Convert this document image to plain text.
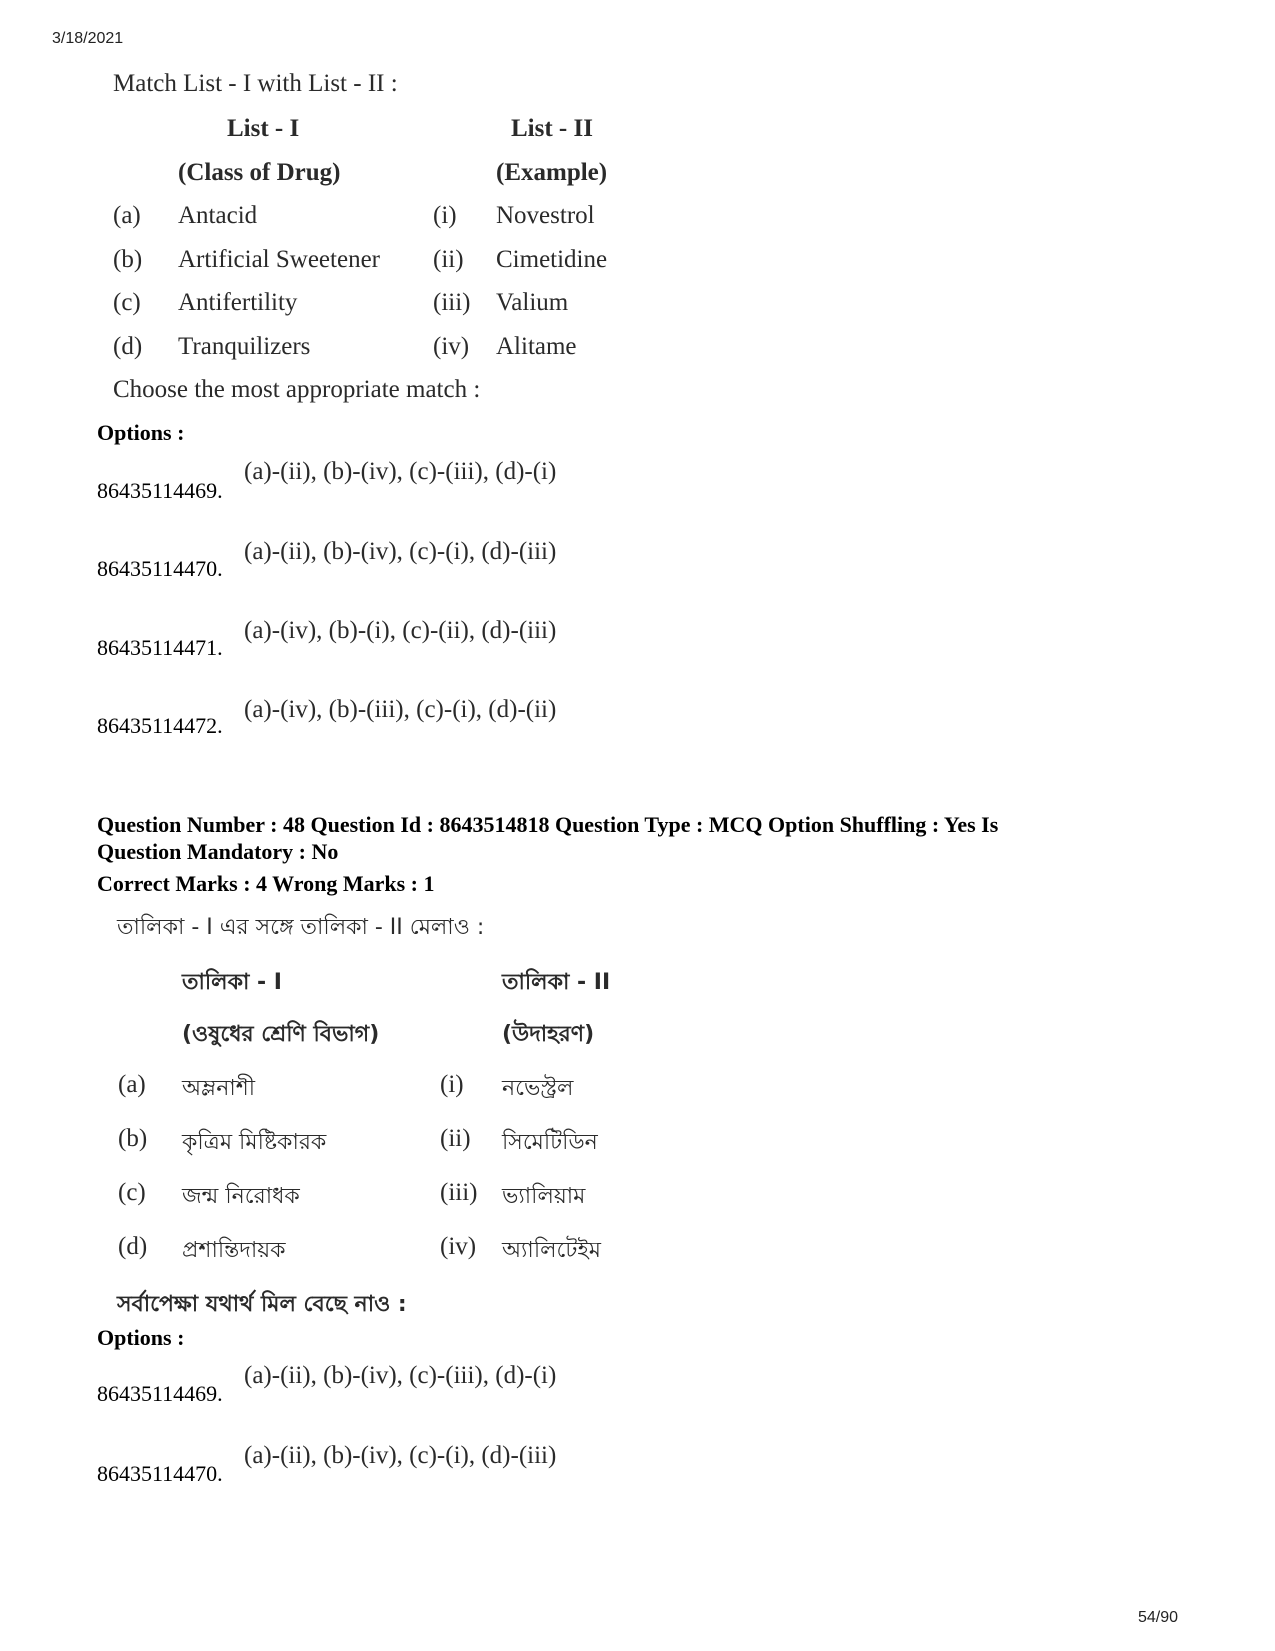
3/18/2021
54/90
Match List - I with List - II :
List - I	List - II
(Class of Drug)	(Example)
(a) Antacid	(i) Novestrol
(b) Artificial Sweetener (ii) Cimetidine
(c) Antifertility	(iii) Valium
(d) Tranquilizers	(iv) Alitame
Choose the most appropriate match :
Options :
86435114469.
(a)-(ii), (b)-(iv), (c)-(iii), (d)-(i)
86435114470.
(a)-(ii), (b)-(iv), (c)-(i), (d)-(iii)
86435114471.
(a)-(iv), (b)-(i), (c)-(ii), (d)-(iii)
86435114472.
(a)-(iv), (b)-(iii), (c)-(i), (d)-(ii)
Question Number : 48 Question Id : 8643514818 Question Type : MCQ Option Shuffling : Yes Is
Question Mandatory : No
Correct Marks : 4 Wrong Marks : 1
তালিকা - I এর সঙ্গে তালিকা - II মেলাও :
তালিকা - I	তালিকা - II
(ওষুধের শ্রেণি বিভাগ)	(উদাহরণ)
(a) অম্লনাশী	(i) নভেস্ট্রল
(b) কৃত্রিম মিষ্টিকারক	(ii) সিমেটিডিন
(c) জন্ম নিরোধক	(iii) ভ্যালিয়াম
(d) প্রশান্তিদায়ক	(iv) অ্যালিটেইম
সর্বাপেক্ষা যথার্থ মিল বেছে নাও :
Options :
86435114469.
(a)-(ii), (b)-(iv), (c)-(iii), (d)-(i)
86435114470.
(a)-(ii), (b)-(iv), (c)-(i), (d)-(iii)
